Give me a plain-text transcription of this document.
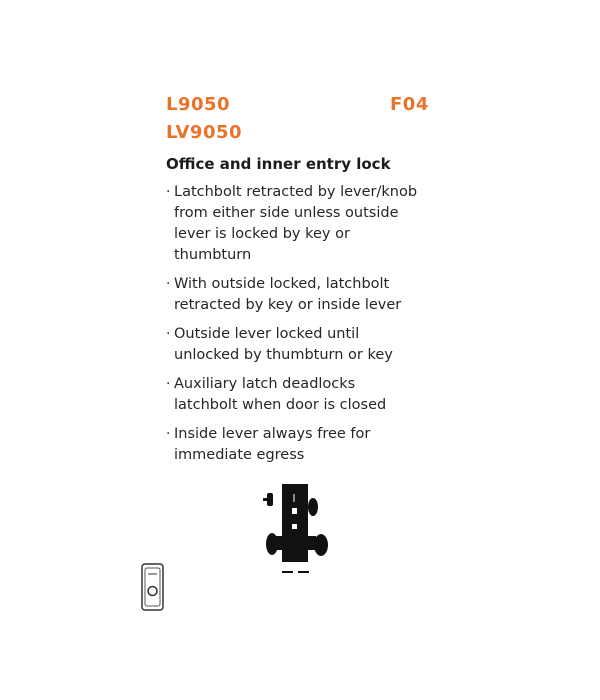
L9050
LV9050
F04
Office and inner entry lock
· Latchbolt retracted by lever/knob
from either side unless outside
lever is locked by key or
thumbturn
· With outside locked, latchbolt
retracted by key or inside lever
· Outside lever locked until
unlocked by thumbturn or key
· Auxiliary latch deadlocks
latchbolt when door is closed
· Inside lever always free for
immediate egress
